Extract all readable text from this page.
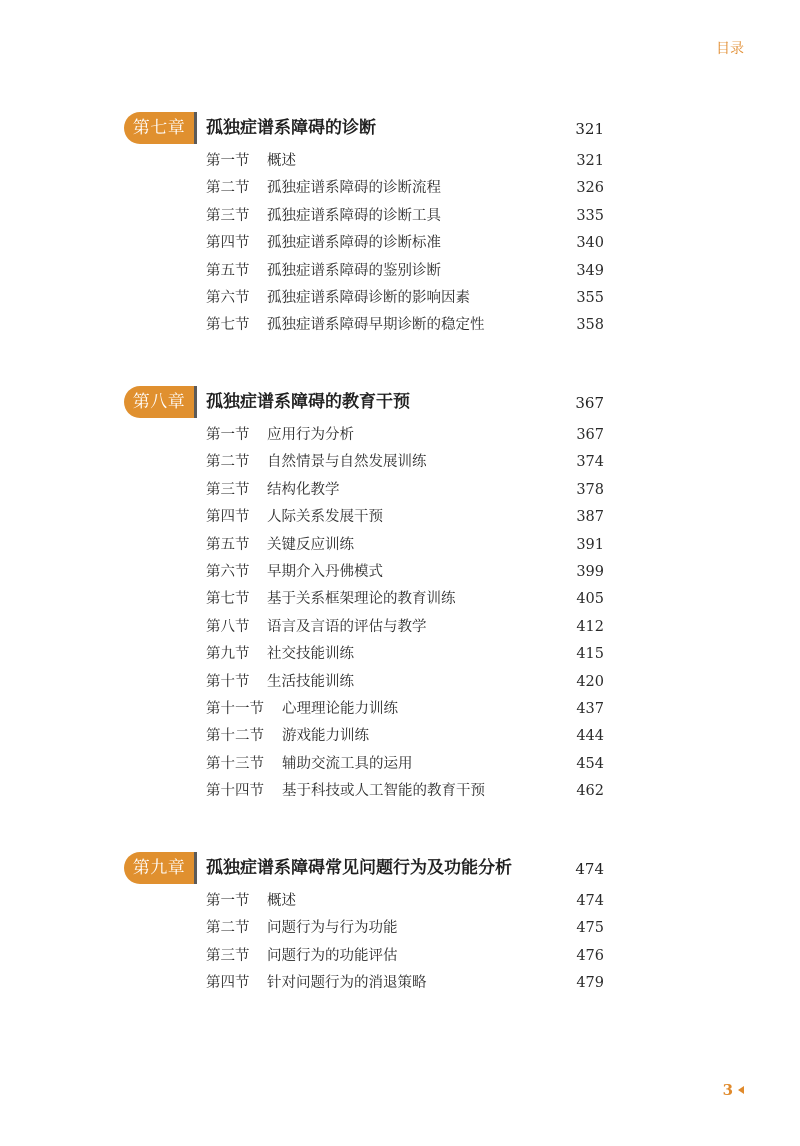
目录
第七章	孤独症谱系障碍的诊断	321
第一节 概述	321
第二节 孤独症谱系障碍的诊断流程	326
第三节 孤独症谱系障碍的诊断工具	335
第四节 孤独症谱系障碍的诊断标准	340
第五节 孤独症谱系障碍的鉴别诊断	349
第六节 孤独症谱系障碍诊断的影响因素	355
第七节 孤独症谱系障碍早期诊断的稳定性	358
第八章	孤独症谱系障碍的教育干预	367
第一节 应用行为分析	367
第二节 自然情景与自然发展训练	374
第三节 结构化教学	378
第四节 人际关系发展干预	387
第五节 关键反应训练	391
第六节 早期介入丹佛模式	399
第七节 基于关系框架理论的教育训练	405
第八节 语言及言语的评估与教学	412
第九节 社交技能训练	415
第十节 生活技能训练	420
第十一节 心理理论能力训练	437
第十二节 游戏能力训练	444
第十三节 辅助交流工具的运用	454
第十四节 基于科技或人工智能的教育干预	462
第九章	孤独症谱系障碍常见问题行为及功能分析	474
第一节 概述	474
第二节 问题行为与行为功能	475
第三节 问题行为的功能评估	476
第四节 针对问题行为的消退策略	479
3
